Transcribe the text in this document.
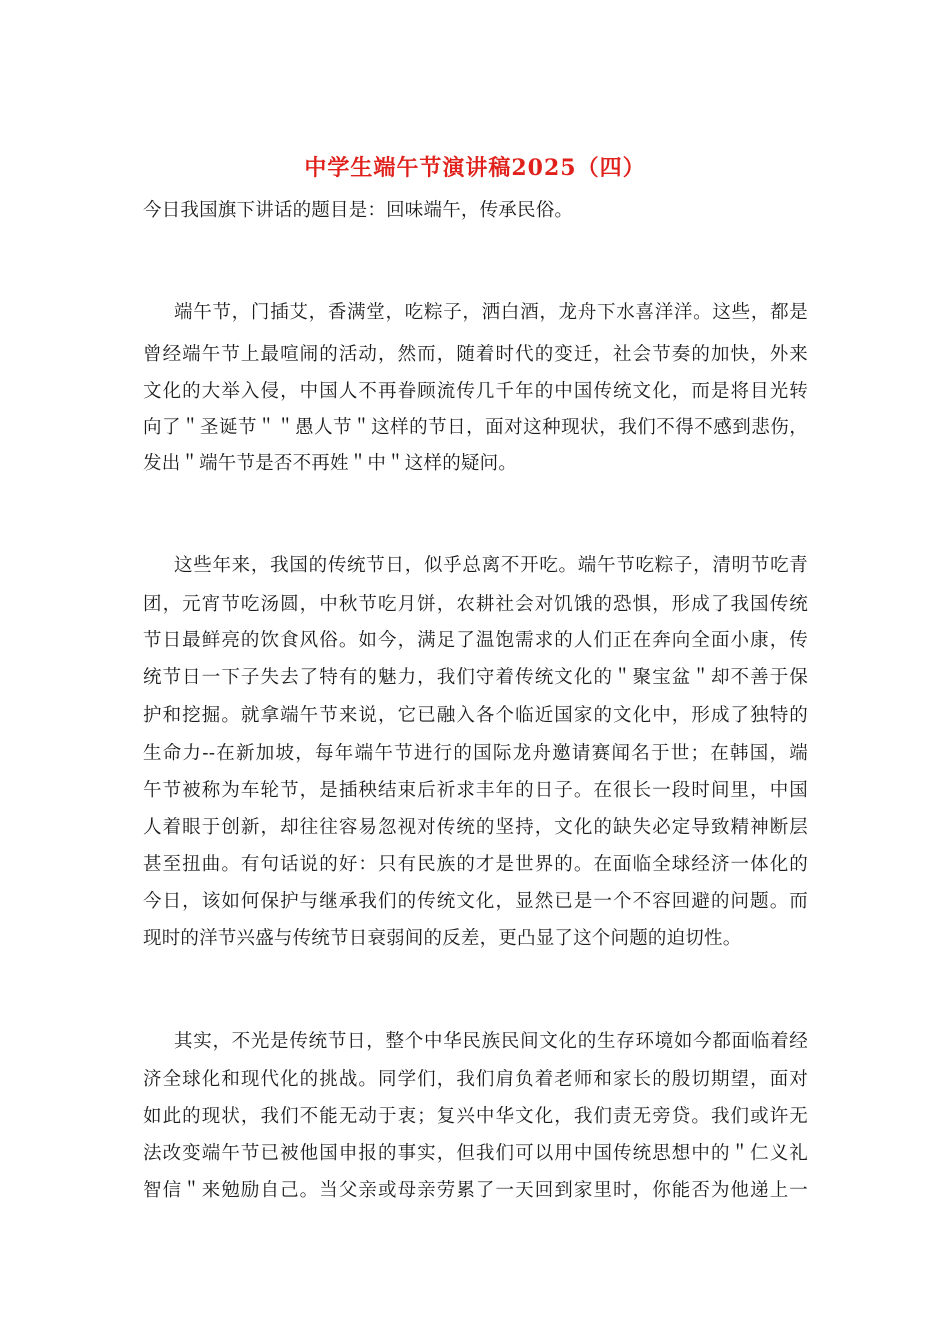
中学生端午节演讲稿2025（四）
今日我国旗下讲话的题目是：回味端午，传承民俗。
端午节，门插艾，香满堂，吃粽子，洒白酒，龙舟下水喜洋洋。这些，都是
曾经端午节上最喧闹的活动，然而，随着时代的变迁，社会节奏的加快，外来
文化的大举入侵，中国人不再眷顾流传几千年的中国传统文化，而是将目光转
向了＂圣诞节＂＂愚人节＂这样的节日，面对这种现状，我们不得不感到悲伤，
发出＂端午节是否不再姓＂中＂这样的疑问。
这些年来，我国的传统节日，似乎总离不开吃。端午节吃粽子，清明节吃青
团，元宵节吃汤圆，中秋节吃月饼，农耕社会对饥饿的恐惧，形成了我国传统
节日最鲜亮的饮食风俗。如今，满足了温饱需求的人们正在奔向全面小康，传
统节日一下子失去了特有的魅力，我们守着传统文化的＂聚宝盆＂却不善于保
护和挖掘。就拿端午节来说，它已融入各个临近国家的文化中，形成了独特的
生命力--在新加坡，每年端午节进行的国际龙舟邀请赛闻名于世；在韩国，端
午节被称为车轮节，是插秧结束后祈求丰年的日子。在很长一段时间里，中国
人着眼于创新，却往往容易忽视对传统的坚持，文化的缺失必定导致精神断层
甚至扭曲。有句话说的好：只有民族的才是世界的。在面临全球经济一体化的
今日，该如何保护与继承我们的传统文化，显然已是一个不容回避的问题。而
现时的洋节兴盛与传统节日衰弱间的反差，更凸显了这个问题的迫切性。
其实，不光是传统节日，整个中华民族民间文化的生存环境如今都面临着经
济全球化和现代化的挑战。同学们，我们肩负着老师和家长的殷切期望，面对
如此的现状，我们不能无动于衷；复兴中华文化，我们责无旁贷。我们或许无
法改变端午节已被他国申报的事实，但我们可以用中国传统思想中的＂仁义礼
智信＂来勉励自己。当父亲或母亲劳累了一天回到家里时，你能否为他递上一
